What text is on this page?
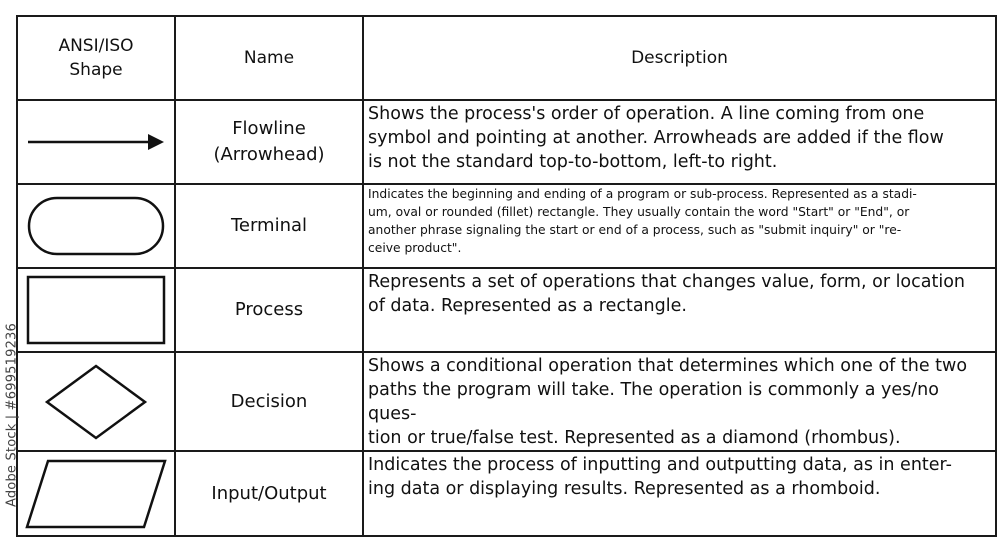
ANSI/ISO
Shape	Name	Description

Flowline
(Arrowhead)	Shows the process's order of operation. A line coming from one
symbol and pointing at another. Arrowheads are added if the flow
is not the standard top-to-bottom, left-to right.

Terminal	Indicates the beginning and ending of a program or sub-process. Represented as a stadi-
um, oval or rounded (fillet) rectangle. They usually contain the word "Start" or "End", or
another phrase signaling the start or end of a process, such as "submit inquiry" or "re-
ceive product".

Process	Represents a set of operations that changes value, form, or location
of data. Represented as a rectangle.

Decision	Shows a conditional operation that determines which one of the two
paths the program will take. The operation is commonly a yes/no ques-
tion or true/false test. Represented as a diamond (rhombus).

Input/Output	Indicates the process of inputting and outputting data, as in enter-
ing data or displaying results. Represented as a rhomboid.
Adobe Stock | #699519236
